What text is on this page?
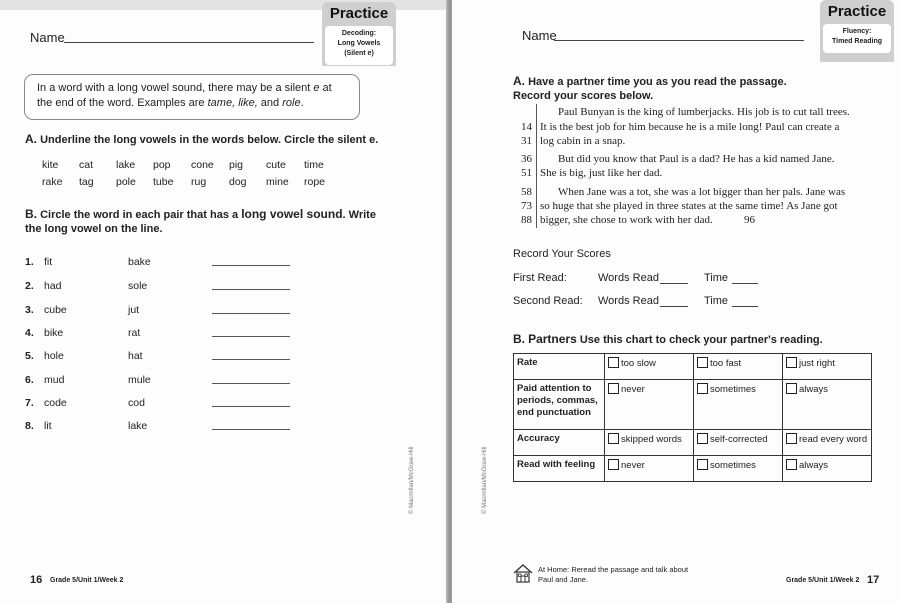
Name
Practice
Decoding:
Long Vowels
(Silent e)
In a word with a long vowel sound, there may be a silent e at the end of the word. Examples are tame, like, and role.
A. Underline the long vowels in the words below. Circle the silent e.
kite cat lake pop cone pig cute time
rake tag pole tube rug dog mine rope
B. Circle the word in each pair that has a long vowel sound. Write
the long vowel on the line.
1. fit	bake
2. had	sole
3. cube	jut
4. bike	rat
5. hole	hat
6. mud	mule
7. code	cod
8. lit	lake
© Macmillan/McGraw-Hill
16 Grade 5/Unit 1/Week 2
Name
Practice
Fluency:
Timed Reading
A. Have a partner time you as you read the passage.
Record your scores below.
Paul Bunyan is the king of lumberjacks. His job is to cut tall trees.
14 It is the best job for him because he is a mile long! Paul can create a
31 log cabin in a snap.
36 But did you know that Paul is a dad? He has a kid named Jane.
51 She is big, just like her dad.
58 When Jane was a tot, she was a lot bigger than her pals. Jane was
73 so huge that she played in three states at the same time! As Jane got
88 bigger, she chose to work with her dad.	96
Record Your Scores
First Read:	Words Read	Time
Second Read: Words Read	Time
B. Partners Use this chart to check your partner's reading.
Rate	too slow	too fast	just right
Paid attention to periods, commas, end punctuation	never	sometimes	always
Accuracy	skipped words	self-corrected	read every word
Read with feeling	never	sometimes	always
© Macmillan/McGraw-Hill
At Home: Reread the passage and talk about
Paul and Jane.	Grade 5/Unit 1/Week 2 17
